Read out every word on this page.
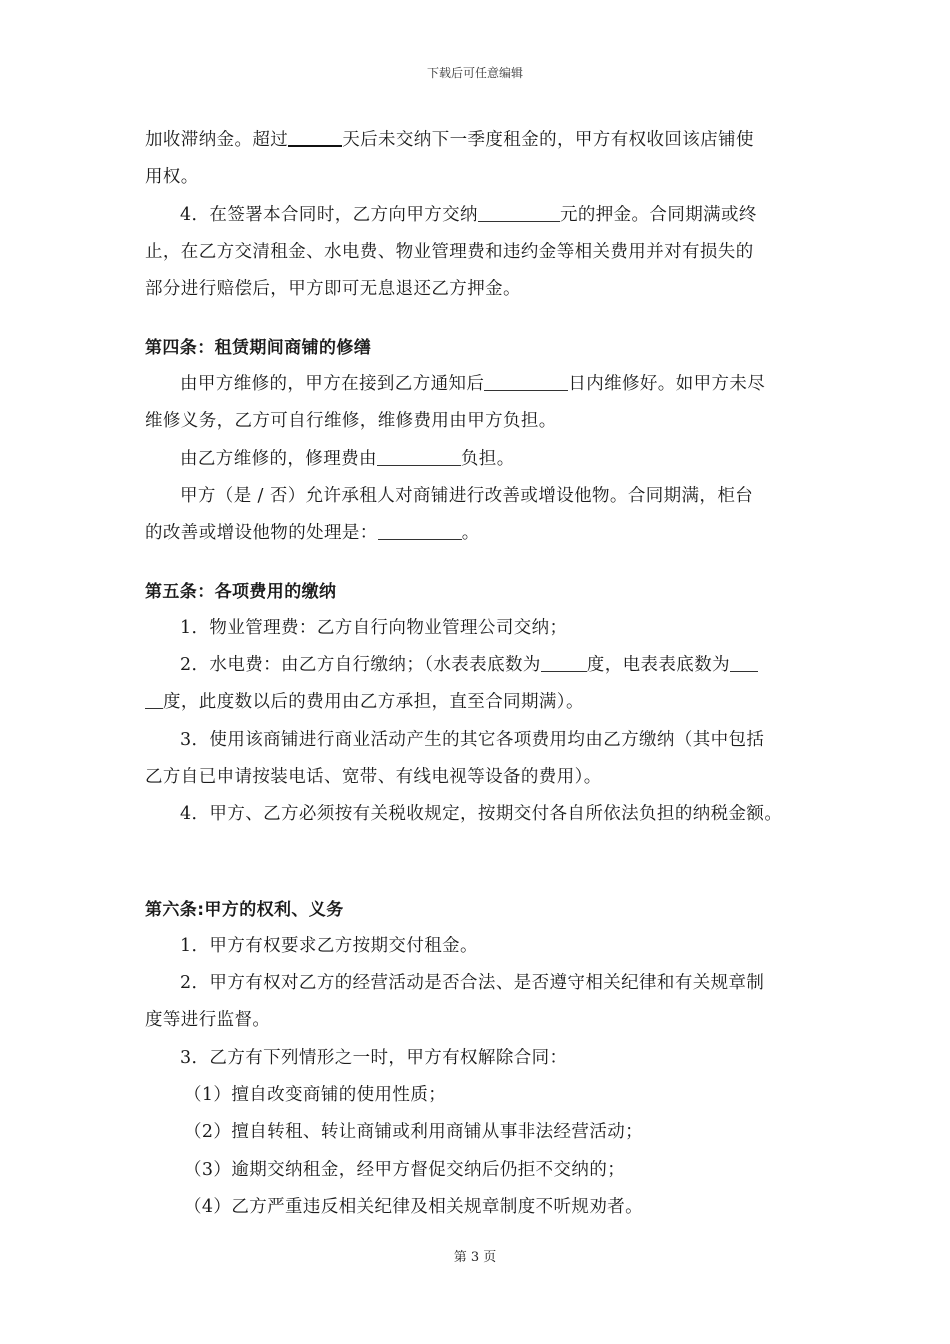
下载后可任意编辑
加收滞纳金。超过	天后未交纳下一季度租金的，甲方有权收回该店铺使
用权。
4．在签署本合同时，乙方向甲方交纳	元的押金。合同期满或终
止，在乙方交清租金、水电费、物业管理费和违约金等相关费用并对有损失的
部分进行赔偿后，甲方即可无息退还乙方押金。
第四条：租赁期间商铺的修缮
由甲方维修的，甲方在接到乙方通知后	日内维修好。如甲方未尽
维修义务，乙方可自行维修，维修费用由甲方负担。
由乙方维修的，修理费由	负担。
甲方（是 / 否）允许承租人对商铺进行改善或增设他物。合同期满，柜台
的改善或增设他物的处理是：	。
第五条：各项费用的缴纳
1．物业管理费：乙方自行向物业管理公司交纳；
2．水电费：由乙方自行缴纳；（水表表底数为	度，电表表底数为
度，此度数以后的费用由乙方承担，直至合同期满）。
3．使用该商铺进行商业活动产生的其它各项费用均由乙方缴纳（其中包括
乙方自已申请按装电话、宽带、有线电视等设备的费用）。
4．甲方、乙方必须按有关税收规定，按期交付各自所依法负担的纳税金额。
第六条:甲方的权利、义务
1．甲方有权要求乙方按期交付租金。
2．甲方有权对乙方的经营活动是否合法、是否遵守相关纪律和有关规章制
度等进行监督。
3．乙方有下列情形之一时，甲方有权解除合同：
（1）擅自改变商铺的使用性质；
（2）擅自转租、转让商铺或利用商铺从事非法经营活动；
（3）逾期交纳租金，经甲方督促交纳后仍拒不交纳的；
（4）乙方严重违反相关纪律及相关规章制度不听规劝者。
第 3 页
